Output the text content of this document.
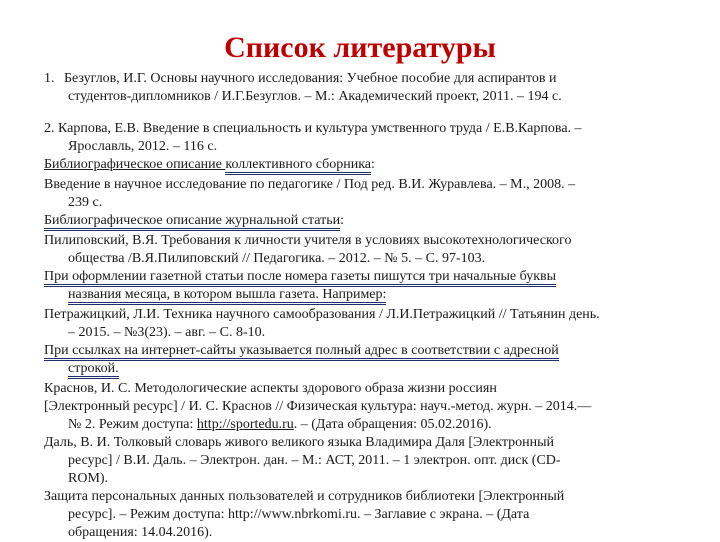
Список литературы
1. Безуглов, И.Г. Основы научного исследования: Учебное пособие для аспирантов и
студентов-дипломников / И.Г.Безуглов. – М.: Академический проект, 2011. – 194 с.
2. Карпова, Е.В. Введение в специальность и культура умственного труда / Е.В.Карпова. –
Ярославль, 2012. – 116 с.
Библиографическое описание коллективного сборника:
Введение в научное исследование по педагогике / Под ред. В.И. Журавлева. – М., 2008. –
239 с.
Библиографическое описание журнальной статьи:
Пилиповский, В.Я. Требования к личности учителя в условиях высокотехнологического
общества /В.Я.Пилиповский // Педагогика. – 2012. – № 5. – С. 97-103.
При оформлении газетной статьи после номера газеты пишутся три начальные буквы
названия месяца, в котором вышла газета. Например:
Петражицкий, Л.И. Техника научного самообразования / Л.И.Петражицкий // Татьянин день.
– 2015. – №3(23). – авг. – С. 8-10.
При ссылках на интернет-сайты указывается полный адрес в соответствии с адресной
строкой.
Краснов, И. С. Методологические аспекты здорового образа жизни россиян
[Электронный ресурс] / И. С. Краснов // Физическая культура: науч.-метод. журн. – 2014.—
№ 2. Режим доступа: http://sportedu.ru. – (Дата обращения: 05.02.2016).
Даль, В. И. Толковый словарь живого великого языка Владимира Даля [Электронный
ресурс] / В.И. Даль. – Электрон. дан. – М.: АСТ, 2011. – 1 электрон. опт. диск (CD-
ROM).
Защита персональных данных пользователей и сотрудников библиотеки [Электронный
ресурс]. – Режим доступа: http://www.nbrkomi.ru. – Заглавие с экрана. – (Дата
обращения: 14.04.2016).
